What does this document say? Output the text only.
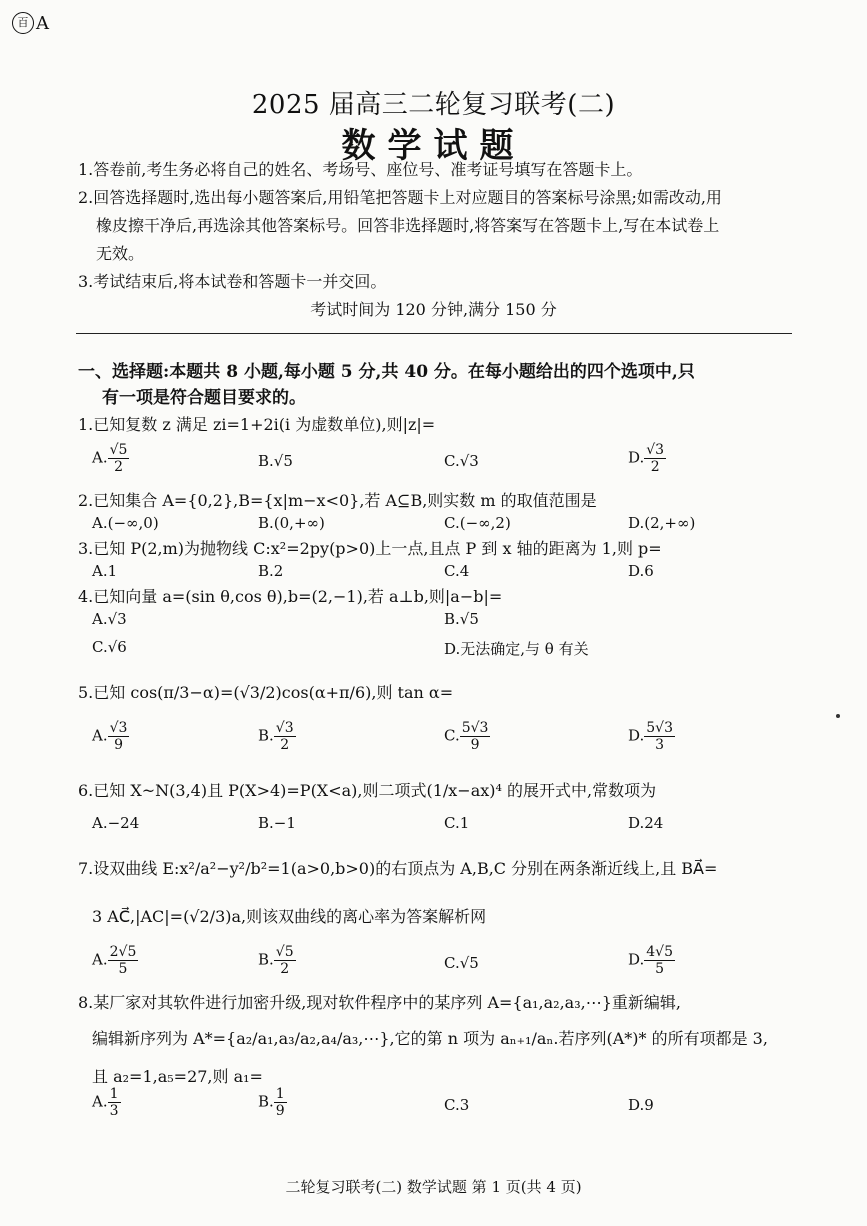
百 A
2025 届高三二轮复习联考(二)
数学试题
1.答卷前,考生务必将自己的姓名、考场号、座位号、准考证号填写在答题卡上。
2.回答选择题时,选出每小题答案后,用铅笔把答题卡上对应题目的答案标号涂黑;如需改动,用
橡皮擦干净后,再选涂其他答案标号。回答非选择题时,将答案写在答题卡上,写在本试卷上
无效。
3.考试结束后,将本试卷和答题卡一并交回。
考试时间为 120 分钟,满分 150 分
一、选择题:本题共 8 小题,每小题 5 分,共 40 分。在每小题给出的四个选项中,只
有一项是符合题目要求的。
1.已知复数 z 满足 zi=1+2i(i 为虚数单位),则|z|=
A. $\frac{√5}{2}$	B.√5	C.√3	D. $\frac{√3}{2}$
2.已知集合 A={0,2},B={x|m−x<0},若 A⊆B,则实数 m 的取值范围是
A.(−∞,0)	B.(0,+∞)	C.(−∞,2)	D.(2,+∞)
3.已知 P(2,m)为抛物线 C:x²=2py(p>0)上一点,且点 P 到 x 轴的距离为 1,则 p=
A.1	B.2	C.4	D.6
4.已知向量 a=(sin θ,cos θ),b=(2,−1),若 a⊥b,则|a−b|=
A.√3	B.√5
C.√6	D.无法确定,与 θ 有关
5.已知 cos(π/3−α)=(√3/2)cos(α+π/6),则 tan α=
A. $\frac{√3}{9}$	B. $\frac{√3}{2}$	C. $\frac{5√3}{9}$	D. $\frac{5√3}{3}$
6.已知 X~N(3,4)且 P(X>4)=P(X<a),则二项式(1/x−ax)⁴ 的展开式中,常数项为
A.−24	B.−1	C.1	D.24
7.设双曲线 E:x²/a²−y²/b²=1(a>0,b>0)的右顶点为 A,B,C 分别在两条渐近线上,且 BA⃗=
3 AC⃗,|AC|=(√2/3)a,则该双曲线的离心率为答案解析网
A. $\frac{2√5}{5}$	B. $\frac{√5}{2}$	C.√5	D. $\frac{4√5}{5}$
8.某厂家对其软件进行加密升级,现对软件程序中的某序列 A={a₁,a₂,a₃,⋯}重新编辑,
编辑新序列为 A*={a₂/a₁,a₃/a₂,a₄/a₃,⋯},它的第 n 项为 aₙ₊₁/aₙ.若序列(A*)* 的所有项都是 3,
且 a₂=1,a₅=27,则 a₁=
A. $\frac{1}{3}$	B. $\frac{1}{9}$	C.3	D.9
二轮复习联考(二) 数学试题 第 1 页(共 4 页)
